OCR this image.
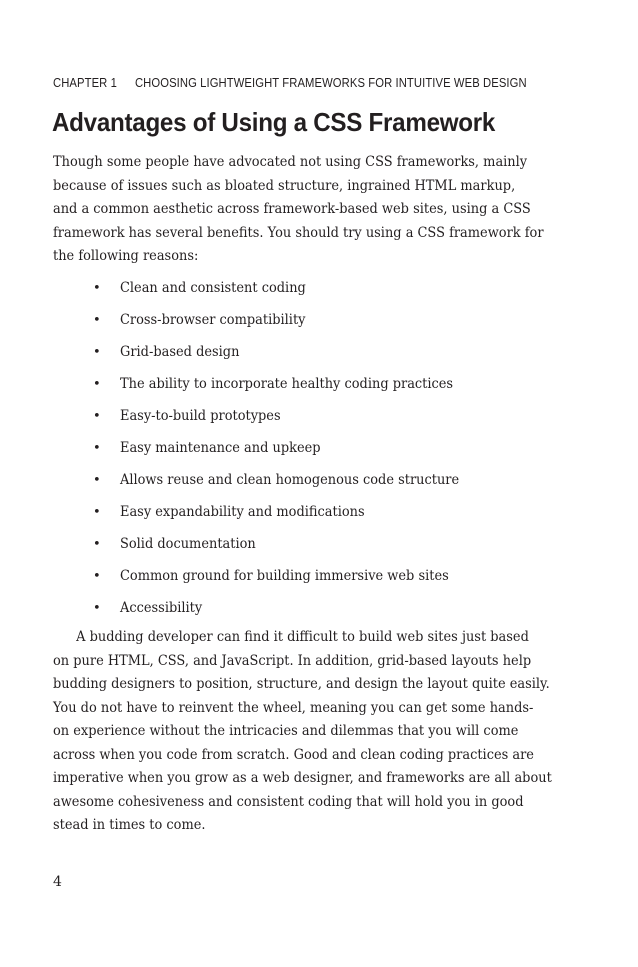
CHAPTER 1 CHOOSING LIGHTWEIGHT FRAMEWORKS FOR INTUITIVE WEB DESIGN
Advantages of Using a CSS Framework

Though some people have advocated not using CSS frameworks, mainly
because of issues such as bloated structure, ingrained HTML markup,
and a common aesthetic across framework-based web sites, using a CSS
framework has several benefits. You should try using a CSS framework for
the following reasons:

• Clean and consistent coding
• Cross-browser compatibility
• Grid-based design
• The ability to incorporate healthy coding practices
• Easy-to-build prototypes
• Easy maintenance and upkeep
• Allows reuse and clean homogenous code structure
• Easy expandability and modifications
• Solid documentation
• Common ground for building immersive web sites
• Accessibility

A budding developer can find it difficult to build web sites just based
on pure HTML, CSS, and JavaScript. In addition, grid-based layouts help
budding designers to position, structure, and design the layout quite easily.
You do not have to reinvent the wheel, meaning you can get some hands-
on experience without the intricacies and dilemmas that you will come
across when you code from scratch. Good and clean coding practices are
imperative when you grow as a web designer, and frameworks are all about
awesome cohesiveness and consistent coding that will hold you in good
stead in times to come.

4
